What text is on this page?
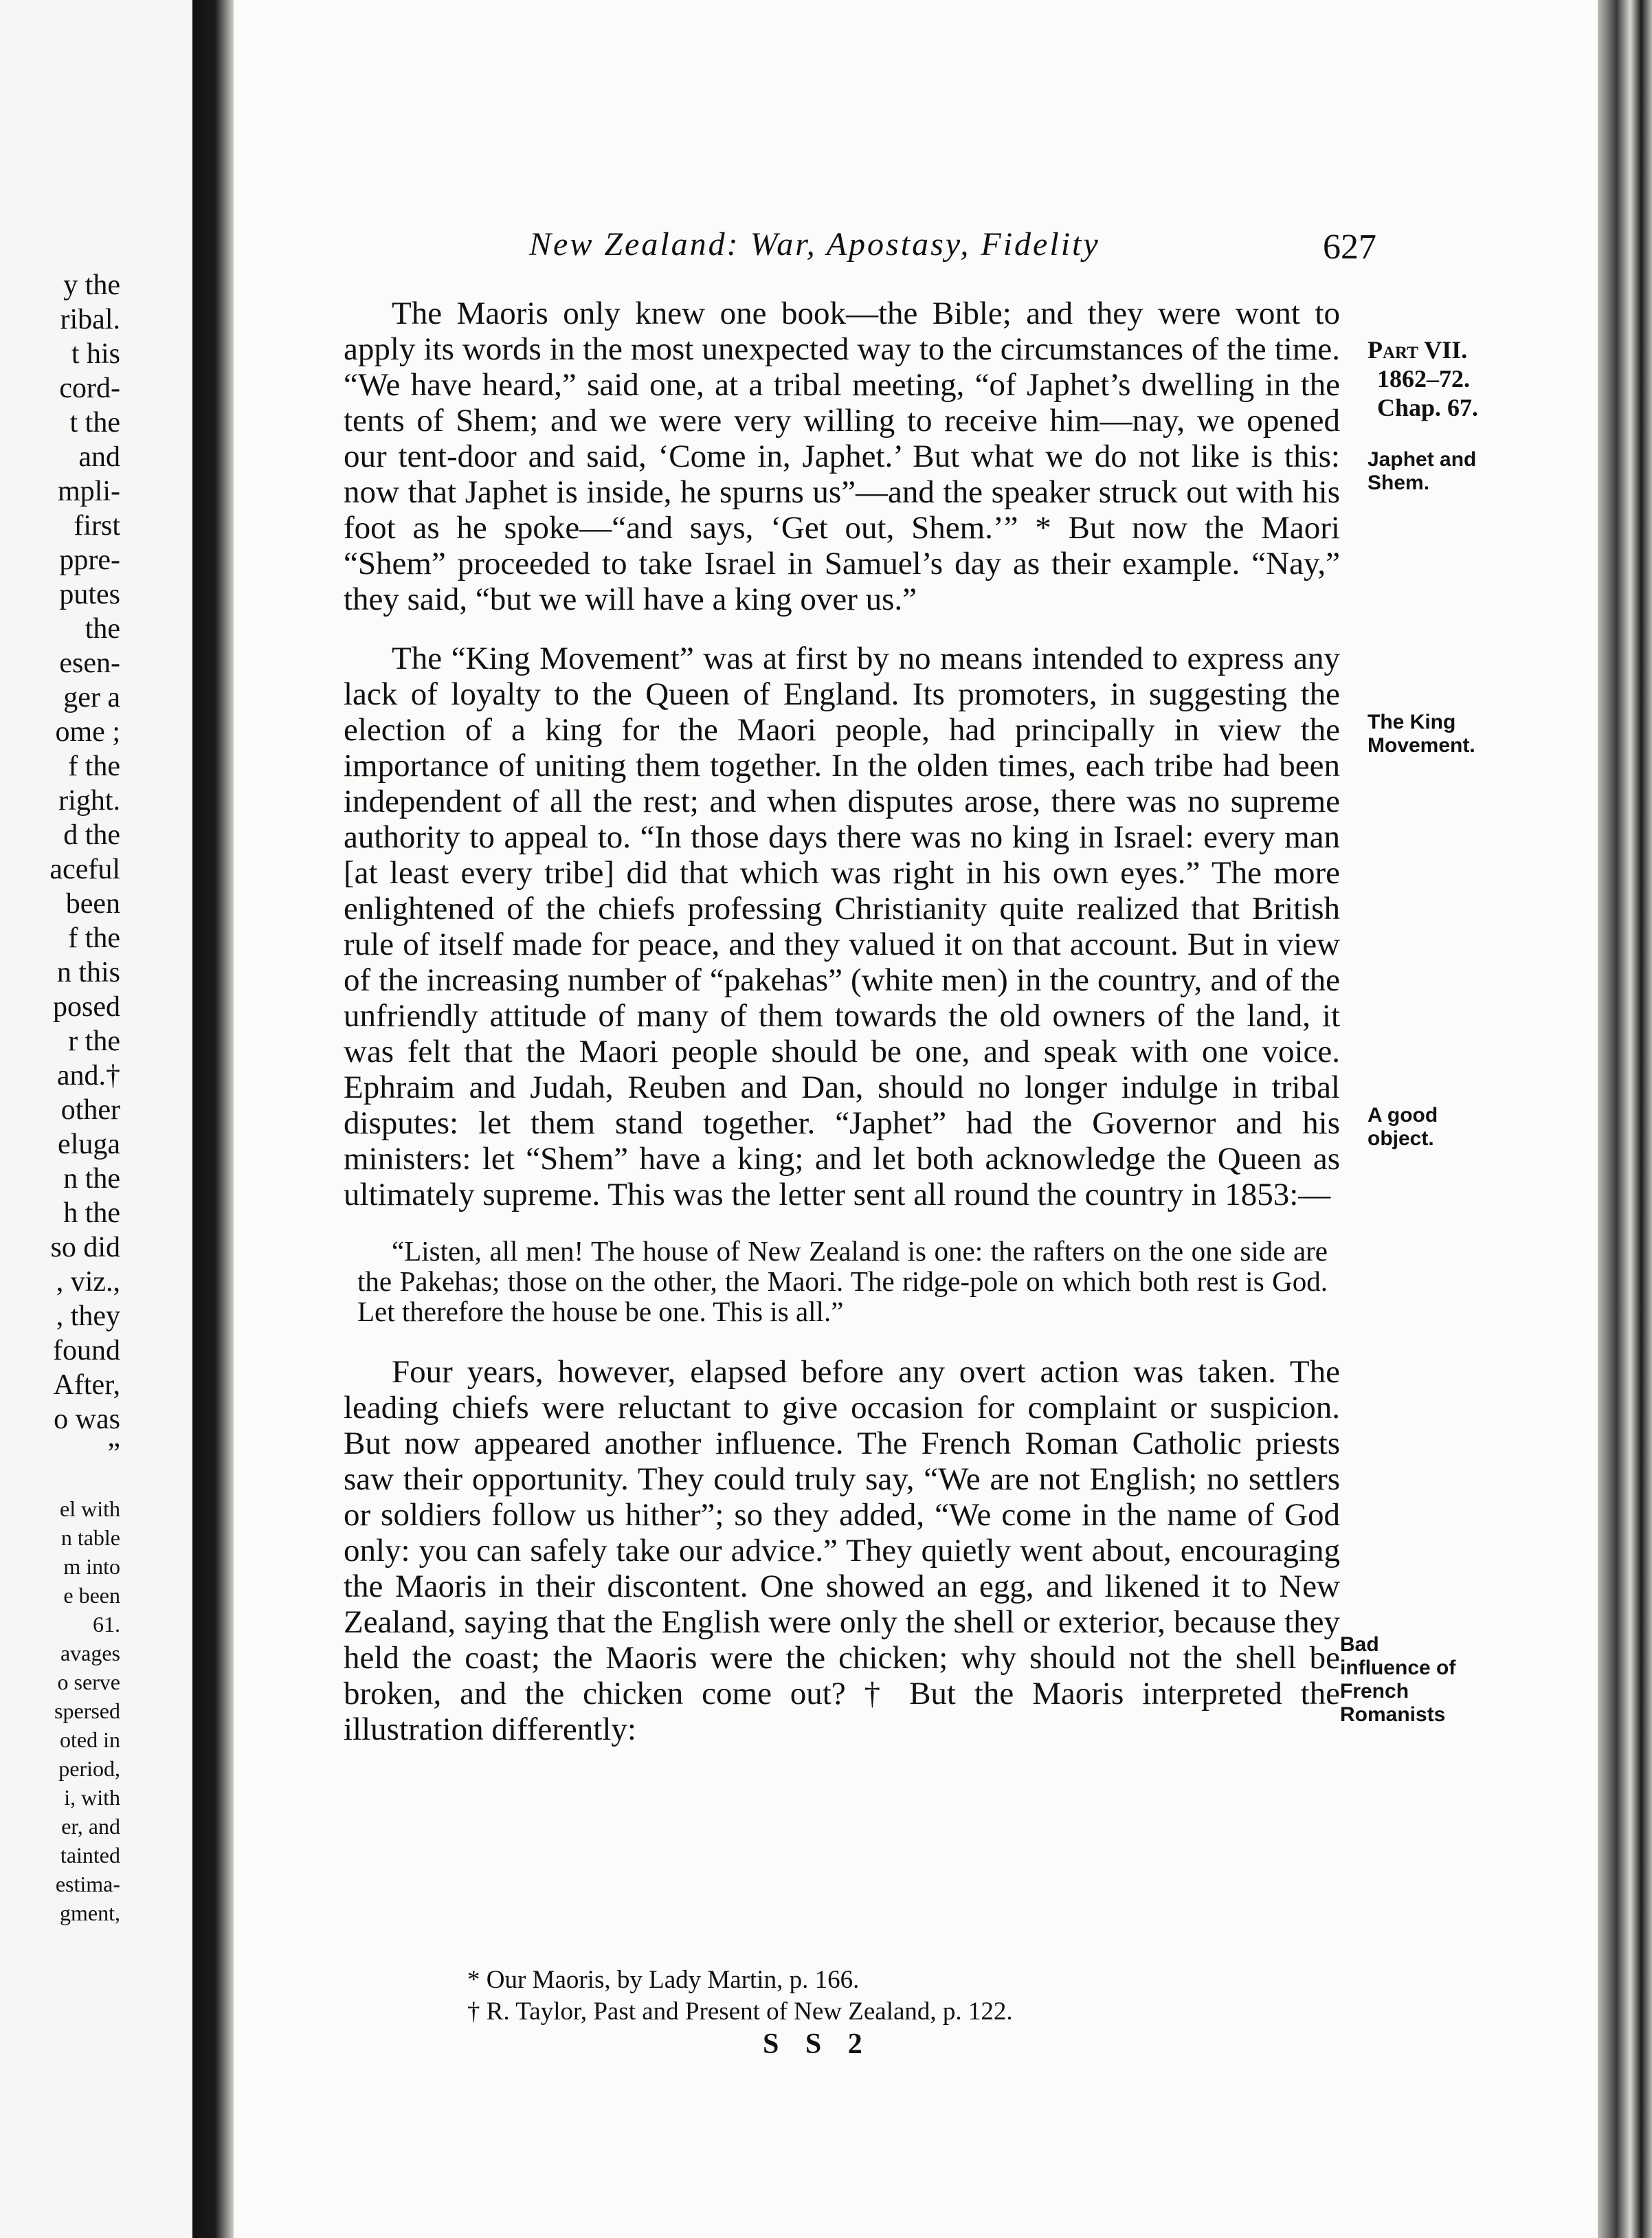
y the
ribal.
t his
cord-
t the
and
mpli-
first
ppre-
putes
the
esen-
ger a
ome ;
f the
right.
d the
aceful
been
f the
n this
posed
r the
and.†
other
eluga
n the
h the
so did
, viz.,
, they
found
After,
o was
”
el with
n table
m into
e been
61.
avages
o serve
spersed
oted in
period,
i, with
er, and
tainted
estima-
gment,
New Zealand: War, Apostasy, Fidelity	627
Part VII.
1862–72.
Chap. 67.
Japhet and Shem.
The King Movement.
A good object.
Bad influence of French Romanists

The Maoris only knew one book—the Bible; and they were wont to apply its words in the most unexpected way to the circumstances of the time. “We have heard,” said one, at a tribal meeting, “of Japhet’s dwelling in the tents of Shem; and we were very willing to receive him—nay, we opened our tent-door and said, ‘Come in, Japhet.’ But what we do not like is this: now that Japhet is inside, he spurns us”—and the speaker struck out with his foot as he spoke—“and says, ‘Get out, Shem.’” * But now the Maori “Shem” proceeded to take Israel in Samuel’s day as their example. “Nay,” they said, “but we will have a king over us.”

The “King Movement” was at first by no means intended to express any lack of loyalty to the Queen of England. Its promoters, in suggesting the election of a king for the Maori people, had principally in view the importance of uniting them together. In the olden times, each tribe had been independent of all the rest; and when disputes arose, there was no supreme authority to appeal to. “In those days there was no king in Israel: every man [at least every tribe] did that which was right in his own eyes.” The more enlightened of the chiefs professing Christianity quite realized that British rule of itself made for peace, and they valued it on that account. But in view of the increasing number of “pakehas” (white men) in the country, and of the unfriendly attitude of many of them towards the old owners of the land, it was felt that the Maori people should be one, and speak with one voice. Ephraim and Judah, Reuben and Dan, should no longer indulge in tribal disputes: let them stand together. “Japhet” had the Governor and his ministers: let “Shem” have a king; and let both acknowledge the Queen as ultimately supreme. This was the letter sent all round the country in 1853:—

“Listen, all men! The house of New Zealand is one: the rafters on the one side are the Pakehas; those on the other, the Maori. The ridge-pole on which both rest is God. Let therefore the house be one. This is all.”

Four years, however, elapsed before any overt action was taken. The leading chiefs were reluctant to give occasion for complaint or suspicion. But now appeared another influence. The French Roman Catholic priests saw their opportunity. They could truly say, “We are not English; no settlers or soldiers follow us hither”; so they added, “We come in the name of God only: you can safely take our advice.” They quietly went about, encouraging the Maoris in their discontent. One showed an egg, and likened it to New Zealand, saying that the English were only the shell or exterior, because they held the coast; the Maoris were the chicken; why should not the shell be broken, and the chicken come out? † But the Maoris interpreted the illustration differently:

* Our Maoris, by Lady Martin, p. 166.
† R. Taylor, Past and Present of New Zealand, p. 122.
S S 2
